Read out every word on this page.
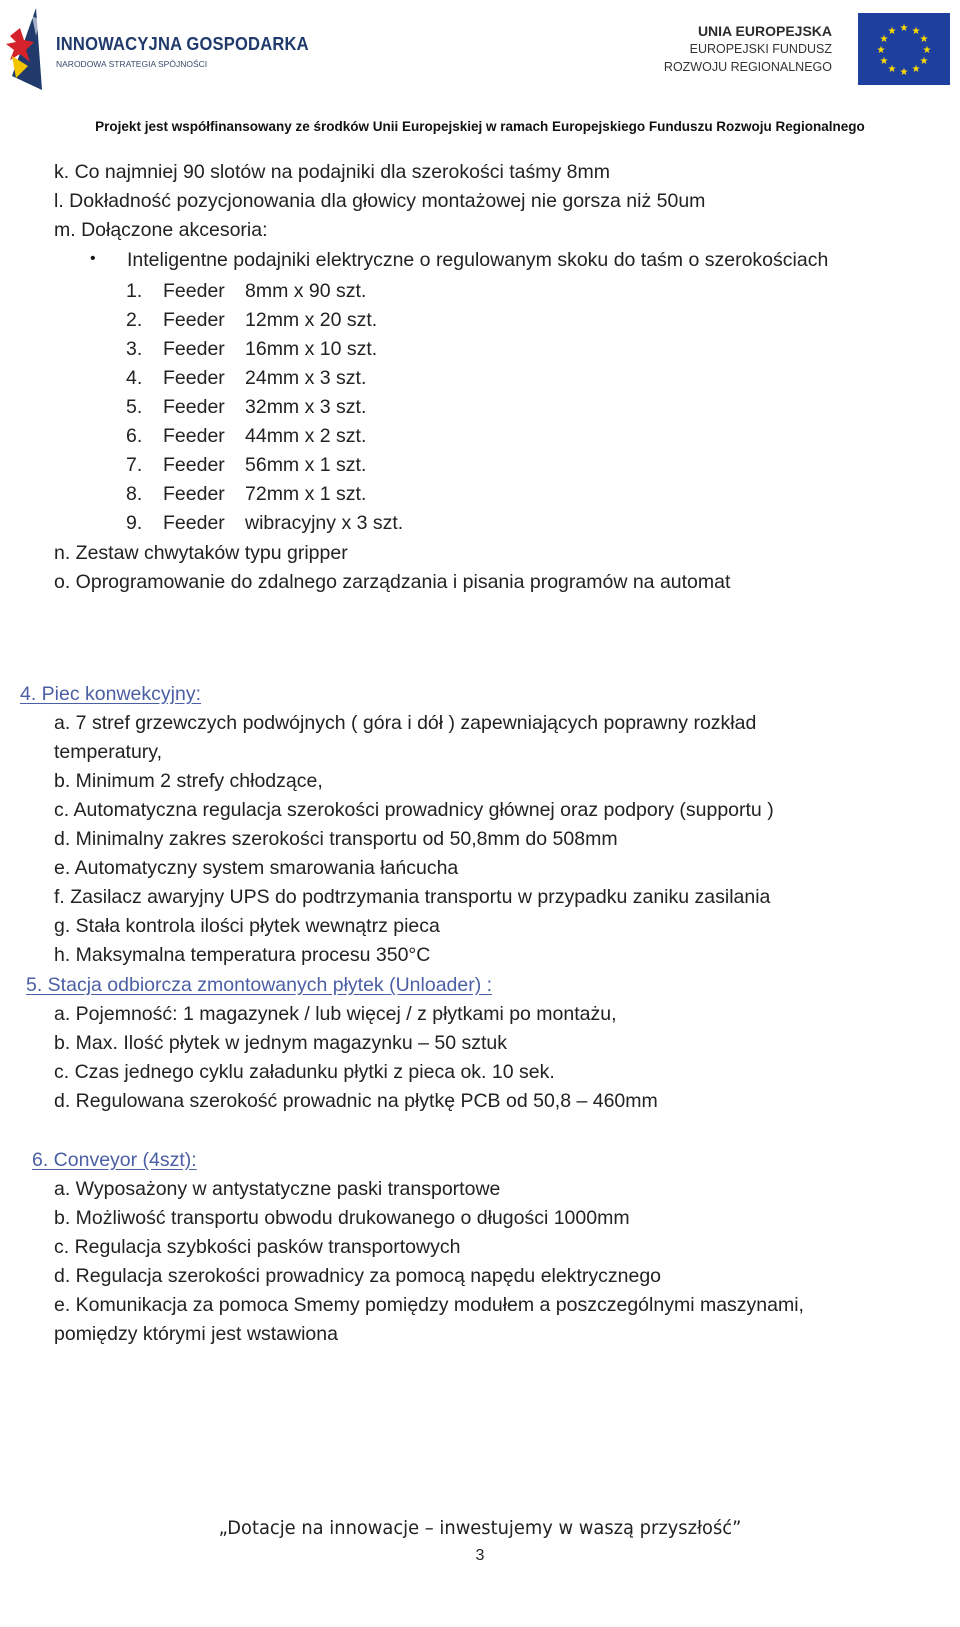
INNOWACYJNA GOSPODARKA
NARODOWA STRATEGIA SPÓJNOŚCI
UNIA EUROPEJSKA
EUROPEJSKI FUNDUSZ
ROZWOJU REGIONALNEGO
★ ★
★
★
★
★
★
★
★
★
★
★
Projekt jest współfinansowany ze środków Unii Europejskiej w ramach Europejskiego Funduszu Rozwoju Regionalnego
k. Co najmniej 90 slotów na podajniki dla szerokości taśmy 8mm
l. Dokładność pozycjonowania dla głowicy montażowej nie gorsza niż 50um
m. Dołączone akcesoria:
• Inteligentne podajniki elektryczne o regulowanym skoku do taśm o szerokościach
1. Feeder 8mm x 90 szt.
2. Feeder 12mm x 20 szt.
3. Feeder 16mm x 10 szt.
4. Feeder 24mm x 3 szt.
5. Feeder 32mm x 3 szt.
6. Feeder 44mm x 2 szt.
7. Feeder 56mm x 1 szt.
8. Feeder 72mm x 1 szt.
9. Feeder wibracyjny x 3 szt.
n. Zestaw chwytaków typu gripper
o. Oprogramowanie do zdalnego zarządzania i pisania programów na automat
4. Piec konwekcyjny:
a. 7 stref grzewczych podwójnych ( góra i dół ) zapewniających poprawny rozkład
temperatury,
b. Minimum 2 strefy chłodzące,
c. Automatyczna regulacja szerokości prowadnicy głównej oraz podpory (supportu )
d. Minimalny zakres szerokości transportu od 50,8mm do 508mm
e. Automatyczny system smarowania łańcucha
f. Zasilacz awaryjny UPS do podtrzymania transportu w przypadku zaniku zasilania
g. Stała kontrola ilości płytek wewnątrz pieca
h. Maksymalna temperatura procesu 350°C
5. Stacja odbiorcza zmontowanych płytek (Unloader) :
a. Pojemność: 1 magazynek / lub więcej / z płytkami po montażu,
b. Max. Ilość płytek w jednym magazynku – 50 sztuk
c. Czas jednego cyklu załadunku płytki z pieca ok. 10 sek.
d. Regulowana szerokość prowadnic na płytkę PCB od 50,8 – 460mm
6. Conveyor (4szt):
a. Wyposażony w antystatyczne paski transportowe
b. Możliwość transportu obwodu drukowanego o długości 1000mm
c. Regulacja szybkości pasków transportowych
d. Regulacja szerokości prowadnicy za pomocą napędu elektrycznego
e. Komunikacja za pomoca Smemy pomiędzy modułem a poszczególnymi maszynami,
pomiędzy którymi jest wstawiona
„Dotacje na innowacje – inwestujemy w waszą przyszłość”
3
